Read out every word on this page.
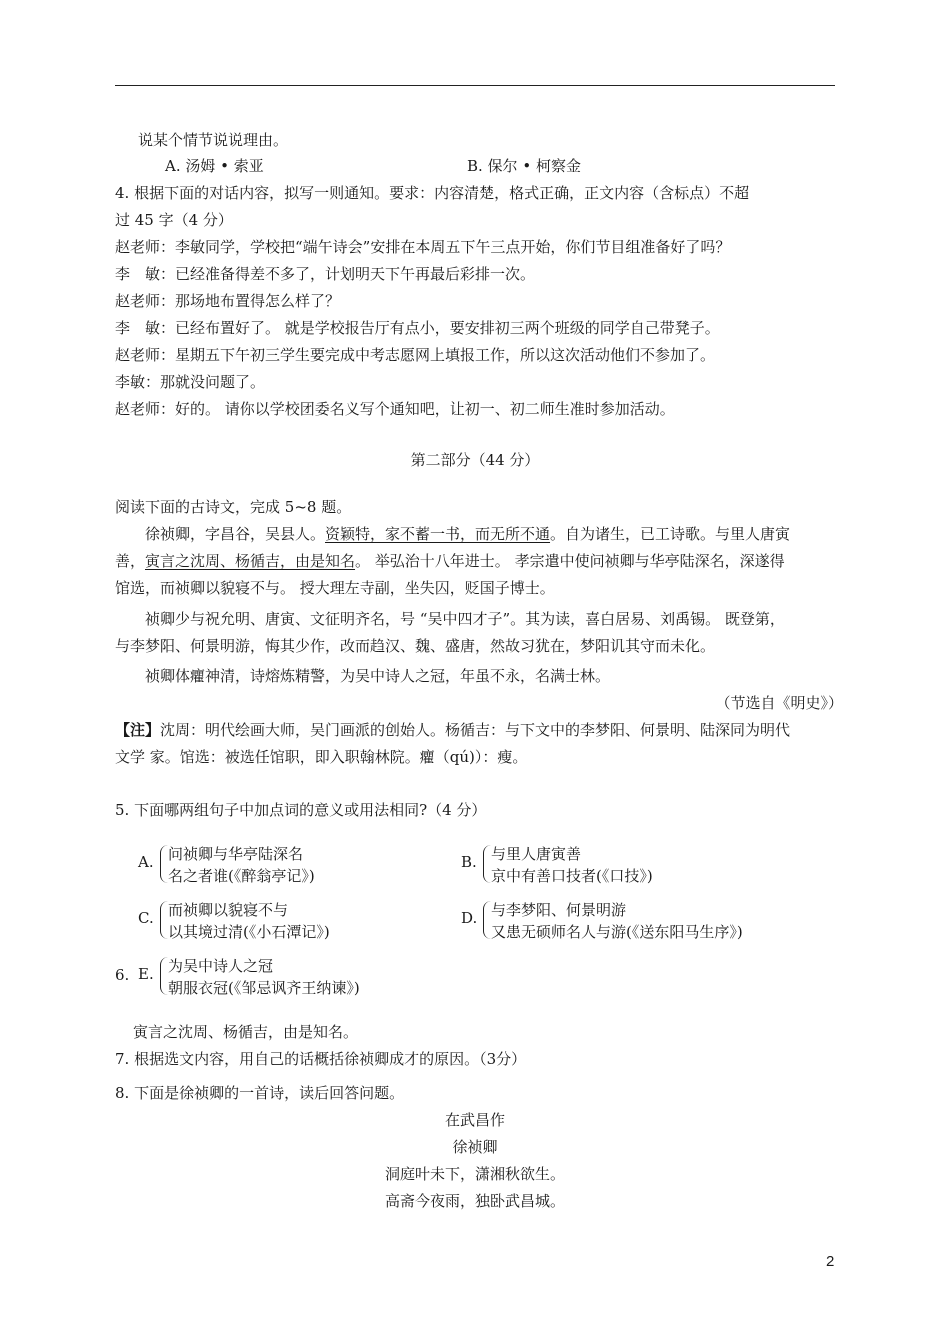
说某个情节说说理由。
A. 汤姆 • 索亚	B. 保尔 • 柯察金
4. 根据下面的对话内容，拟写一则通知。要求：内容清楚，格式正确，正文内容（含标点）不超
过 45 字（4 分）
赵老师：李敏同学，学校把“端午诗会”安排在本周五下午三点开始，你们节目组准备好了吗？
李　敏：已经准备得差不多了，计划明天下午再最后彩排一次。
赵老师：那场地布置得怎么样了？
李　敏：已经布置好了。 就是学校报告厅有点小，要安排初三两个班级的同学自己带凳子。
赵老师：星期五下午初三学生要完成中考志愿网上填报工作，所以这次活动他们不参加了。
李敏：那就没问题了。
赵老师：好的。 请你以学校团委名义写个通知吧，让初一、初二师生准时参加活动。
第二部分（44 分）
阅读下面的古诗文，完成 5~8 题。
徐祯卿，字昌谷，吴县人。资颖特，家不蓄一书，而无所不通。自为诸生，已工诗歌。与里人唐寅
善，寅言之沈周、杨循吉，由是知名。 举弘治十八年进士。 孝宗遣中使问祯卿与华亭陆深名，深遂得
馆选，而祯卿以貌寝不与。 授大理左寺副，坐失囚，贬国子博士。
祯卿少与祝允明、唐寅、文征明齐名，号 “吴中四才子”。其为读，喜白居易、刘禹锡。 既登第，
与李梦阳、何景明游，悔其少作，改而趋汉、魏、盛唐，然故习犹在，梦阳讥其守而未化。
祯卿体癯神清，诗熔炼精警，为吴中诗人之冠，年虽不永，名满士林。
（节选自《明史》）
【注】沈周：明代绘画大师，吴门画派的创始人。杨循吉：与下文中的李梦阳、何景明、陆深同为明代
文学 家。馆选：被选任馆职，即入职翰林院。癯（qú)）：瘦。
5. 下面哪两组句子中加点词的意义或用法相同?（4 分）
A. 问祯卿与华亭陆深名
名之者谁(《醉翁亭记》)
B. 与里人唐寅善
京中有善口技者(《口技》)
C. 而祯卿以貌寝不与
以其境过清(《小石潭记》)
D. 与李梦阳、何景明游
又患无硕师名人与游(《送东阳马生序》)
6. E. 为吴中诗人之冠
朝服衣冠(《邹忌讽齐王纳谏》)
寅言之沈周、杨循吉，由是知名。
7. 根据选文内容，用自己的话概括徐祯卿成才的原因。（3分）
8. 下面是徐祯卿的一首诗，读后回答问题。
在武昌作
徐祯卿
洞庭叶未下，潇湘秋欲生。
高斋今夜雨，独卧武昌城。
2
